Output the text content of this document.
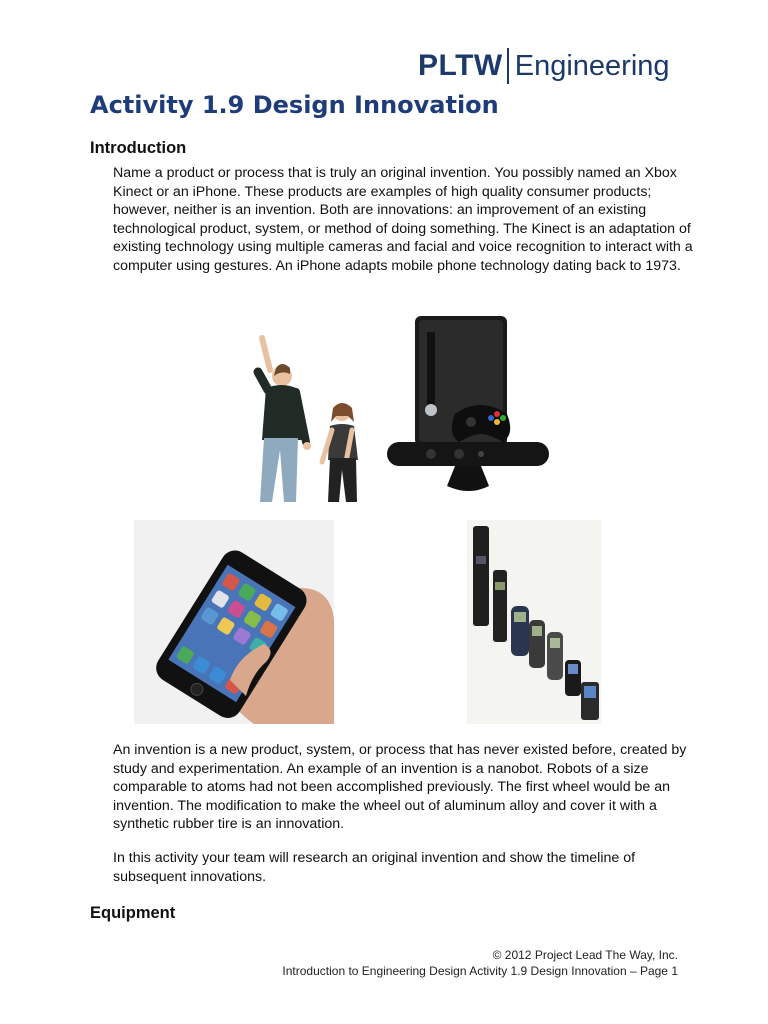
PLTW Engineering
Activity 1.9 Design Innovation
Introduction

Name a product or process that is truly an original invention. You possibly named an Xbox Kinect or an iPhone. These products are examples of high quality consumer products; however, neither is an invention. Both are innovations: an improvement of an existing technological product, system, or method of doing something. The Kinect is an adaptation of existing technology using multiple cameras and facial and voice recognition to interact with a computer using gestures. An iPhone adapts mobile phone technology dating back to 1973.

An invention is a new product, system, or process that has never existed before, created by study and experimentation. An example of an invention is a nanobot. Robots of a size comparable to atoms had not been accomplished previously. The first wheel would be an invention. The modification to make the wheel out of aluminum alloy and cover it with a synthetic rubber tire is an innovation.

In this activity your team will research an original invention and show the timeline of subsequent innovations.

Equipment
© 2012 Project Lead The Way, Inc.
Introduction to Engineering Design Activity 1.9 Design Innovation – Page 1
